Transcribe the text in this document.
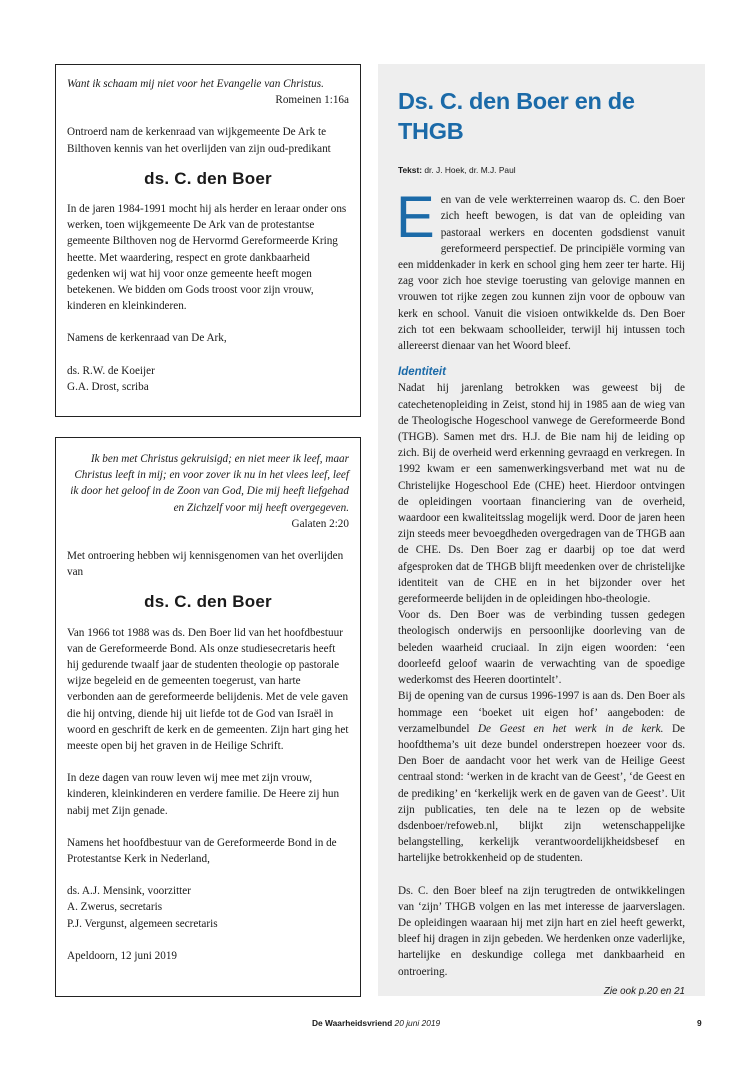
Want ik schaam mij niet voor het Evangelie van Christus.
Romeinen 1:16a

Ontroerd nam de kerkenraad van wijkgemeente De Ark te Bilthoven kennis van het overlijden van zijn oud-predikant

ds. C. den Boer

In de jaren 1984-1991 mocht hij als herder en leraar onder ons werken, toen wijkgemeente De Ark van de protestantse gemeente Bilthoven nog de Hervormd Gereformeerde Kring heette. Met waardering, respect en grote dankbaarheid gedenken wij wat hij voor onze gemeente heeft mogen betekenen. We bidden om Gods troost voor zijn vrouw, kinderen en kleinkinderen.

Namens de kerkenraad van De Ark,

ds. R.W. de Koeijer
G.A. Drost, scriba
Ik ben met Christus gekruisigd; en niet meer ik leef, maar Christus leeft in mij; en voor zover ik nu in het vlees leef, leef ik door het geloof in de Zoon van God, Die mij heeft liefgehad en Zichzelf voor mij heeft overgegeven.
Galaten 2:20

Met ontroering hebben wij kennisgenomen van het overlijden van

ds. C. den Boer

Van 1966 tot 1988 was ds. Den Boer lid van het hoofdbestuur van de Gereformeerde Bond. Als onze studiesecretaris heeft hij gedurende twaalf jaar de studenten theologie op pastorale wijze begeleid en de gemeenten toegerust, van harte verbonden aan de gereformeerde belijdenis. Met de vele gaven die hij ontving, diende hij uit liefde tot de God van Israël in woord en geschrift de kerk en de gemeenten. Zijn hart ging het meeste open bij het graven in de Heilige Schrift.

In deze dagen van rouw leven wij mee met zijn vrouw, kinderen, kleinkinderen en verdere familie. De Heere zij hun nabij met Zijn genade.

Namens het hoofdbestuur van de Gereformeerde Bond in de Protestantse Kerk in Nederland,

ds. A.J. Mensink, voorzitter
A. Zwerus, secretaris
P.J. Vergunst, algemeen secretaris
Apeldoorn, 12 juni 2019
Ds. C. den Boer en de THGB
Tekst: dr. J. Hoek, dr. M.J. Paul

Een van de vele werkterreinen waarop ds. C. den Boer zich heeft bewogen, is dat van de opleiding van pastoraal werkers en docenten godsdienst vanuit gereformeerd perspectief. De principiële vorming van een middenkader in kerk en school ging hem zeer ter harte. Hij zag voor zich hoe stevige toerusting van gelovige mannen en vrouwen tot rijke zegen zou kunnen zijn voor de opbouw van kerk en school. Vanuit die visioen ontwikkelde ds. Den Boer zich tot een bekwaam schoolleider, terwijl hij intussen toch allereerst dienaar van het Woord bleef.

Identiteit

Nadat hij jarenlang betrokken was geweest bij de catechetenopleiding in Zeist, stond hij in 1985 aan de wieg van de Theologische Hogeschool vanwege de Gereformeerde Bond (THGB). Samen met drs. H.J. de Bie nam hij de leiding op zich. Bij de overheid werd erkenning gevraagd en verkregen. In 1992 kwam er een samenwerkingsverband met wat nu de Christelijke Hogeschool Ede (CHE) heet. Hierdoor ontvingen de opleidingen voortaan financiering van de overheid, waardoor een kwaliteitsslag mogelijk werd. Door de jaren heen zijn steeds meer bevoegdheden overgedragen van de THGB aan de CHE. Ds. Den Boer zag er daarbij op toe dat werd afgesproken dat de THGB blijft meedenken over de christelijke identiteit van de CHE en in het bijzonder over het gereformeerde belijden in de opleidingen hbo-theologie.

Voor ds. Den Boer was de verbinding tussen gedegen theologisch onderwijs en persoonlijke doorleving van de beleden waarheid cruciaal. In zijn eigen woorden: ‘een doorleefd geloof waarin de verwachting van de spoedige wederkomst des Heeren doortintelt’.

Bij de opening van de cursus 1996-1997 is aan ds. Den Boer als hommage een ‘boeket uit eigen hof’ aangeboden: de verzamelbundel De Geest en het werk in de kerk. De hoofdthema’s uit deze bundel onderstrepen hoezeer voor ds. Den Boer de aandacht voor het werk van de Heilige Geest centraal stond: ‘werken in de kracht van de Geest’, ‘de Geest en de prediking’ en ‘kerkelijk werk en de gaven van de Geest’. Uit zijn publicaties, ten dele na te lezen op de website dsdenboer/refoweb.nl, blijkt zijn wetenschappelijke belangstelling, kerkelijk verantwoordelijkheidsbesef en hartelijke betrokkenheid op de studenten.

Ds. C. den Boer bleef na zijn terugtreden de ontwikkelingen van ‘zijn’ THGB volgen en las met interesse de jaarverslagen. De opleidingen waaraan hij met zijn hart en ziel heeft gewerkt, bleef hij dragen in zijn gebeden. We herdenken onze vaderlijke, hartelijke en deskundige collega met dankbaarheid en ontroering.

Zie ook p.20 en 21
De Waarheidsvriend 20 juni 2019	9
